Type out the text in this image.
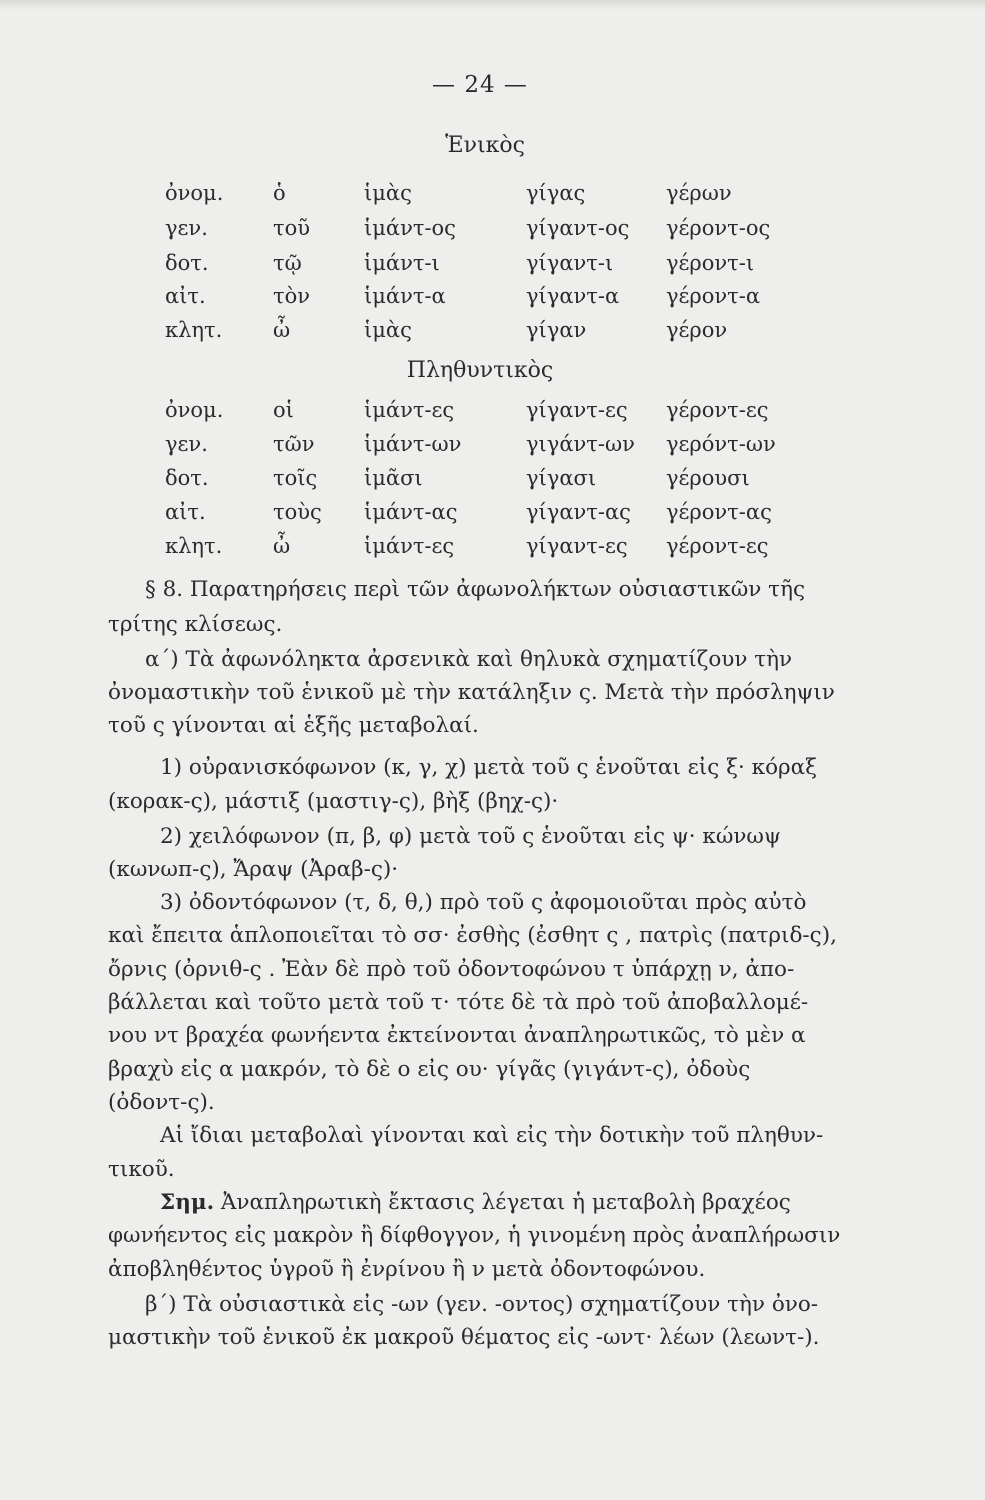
— 24 —
Ἑνικὸς
ὀνομ. ὁ	ἱμὰς	γίγας	γέρων
γεν.	τοῦ	ἱμάντ-ος	γίγαντ-ος γέροντ-ος
δοτ.	τῷ	ἱμάντ-ι	γίγαντ-ι	γέροντ-ι
αἰτ.	τὸν	ἱμάντ-α	γίγαντ-α γέροντ-α
κλητ. ὦ	ἱμὰς	γίγαν	γέρον
Πληθυντικὸς
ὀνομ. οἱ	ἱμάντ-ες	γίγαντ-ες γέροντ-ες
γεν.	τῶν ἱμάντ-ων	γιγάντ-ων γερόντ-ων
δοτ.	τοῖς ἱμᾶσι	γίγασι	γέρουσι
αἰτ.	τοὺς ἱμάντ-ας	γίγαντ-ας γέροντ-ας
κλητ. ὦ	ἱμάντ-ες	γίγαντ-ες γέροντ-ες
§ 8. Παρατηρήσεις περὶ τῶν ἀφωνολήκτων οὐσιαστικῶν τῆς
τρίτης κλίσεως.
α΄) Τὰ ἀφωνόληκτα ἀρσενικὰ καὶ θηλυκὰ σχηματίζουν τὴν
ὀνομαστικὴν τοῦ ἑνικοῦ μὲ τὴν κατάληξιν ς. Μετὰ τὴν πρόσληψιν
τοῦ ς γίνονται αἱ ἑξῆς μεταβολαί.
1) οὐρανισκόφωνον (κ, γ, χ) μετὰ τοῦ ς ἑνοῦται εἰς ξ· κόραξ
(κορακ-ς), μάστιξ (μαστιγ-ς), βὴξ (βηχ-ς)·
2) χειλόφωνον (π, β, φ) μετὰ τοῦ ς ἑνοῦται εἰς ψ· κώνωψ
(κωνωπ-ς), Ἄραψ (Ἀραβ-ς)·
3) ὀδοντόφωνον (τ, δ, θ,) πρὸ τοῦ ς ἀφομοιοῦται πρὸς αὐτὸ
καὶ ἔπειτα ἁπλοποιεῖται τὸ σσ· ἐσθὴς (ἐσθητ ς , πατρὶς (πατριδ-ς),
ὄρνις (ὀρνιθ-ς . Ἐὰν δὲ πρὸ τοῦ ὀδοντοφώνου τ ὑπάρχῃ ν, ἀπο-
βάλλεται καὶ τοῦτο μετὰ τοῦ τ· τότε δὲ τὰ πρὸ τοῦ ἀποβαλλομέ-
νου ντ βραχέα φωνήεντα ἐκτείνονται ἀναπληρωτικῶς, τὸ μὲν α
βραχὺ εἰς α μακρόν, τὸ δὲ ο εἰς ου· γίγᾶς (γιγάντ-ς), ὀδοὺς
(ὀδοντ-ς).
Αἱ ἴδιαι μεταβολαὶ γίνονται καὶ εἰς τὴν δοτικὴν τοῦ πληθυν-
τικοῦ.
Σημ. Ἀναπληρωτικὴ ἔκτασις λέγεται ἡ μεταβολὴ βραχέος
φωνήεντος εἰς μακρὸν ἢ δίφθογγον, ἡ γινομένη πρὸς ἀναπλήρωσιν
ἀποβληθέντος ὑγροῦ ἢ ἐνρίνου ἢ ν μετὰ ὀδοντοφώνου.
β΄) Τὰ οὐσιαστικὰ εἰς -ων (γεν. -οντος) σχηματίζουν τὴν ὀνο-
μαστικὴν τοῦ ἑνικοῦ ἐκ μακροῦ θέματος εἰς -ωντ· λέων (λεωντ-).
